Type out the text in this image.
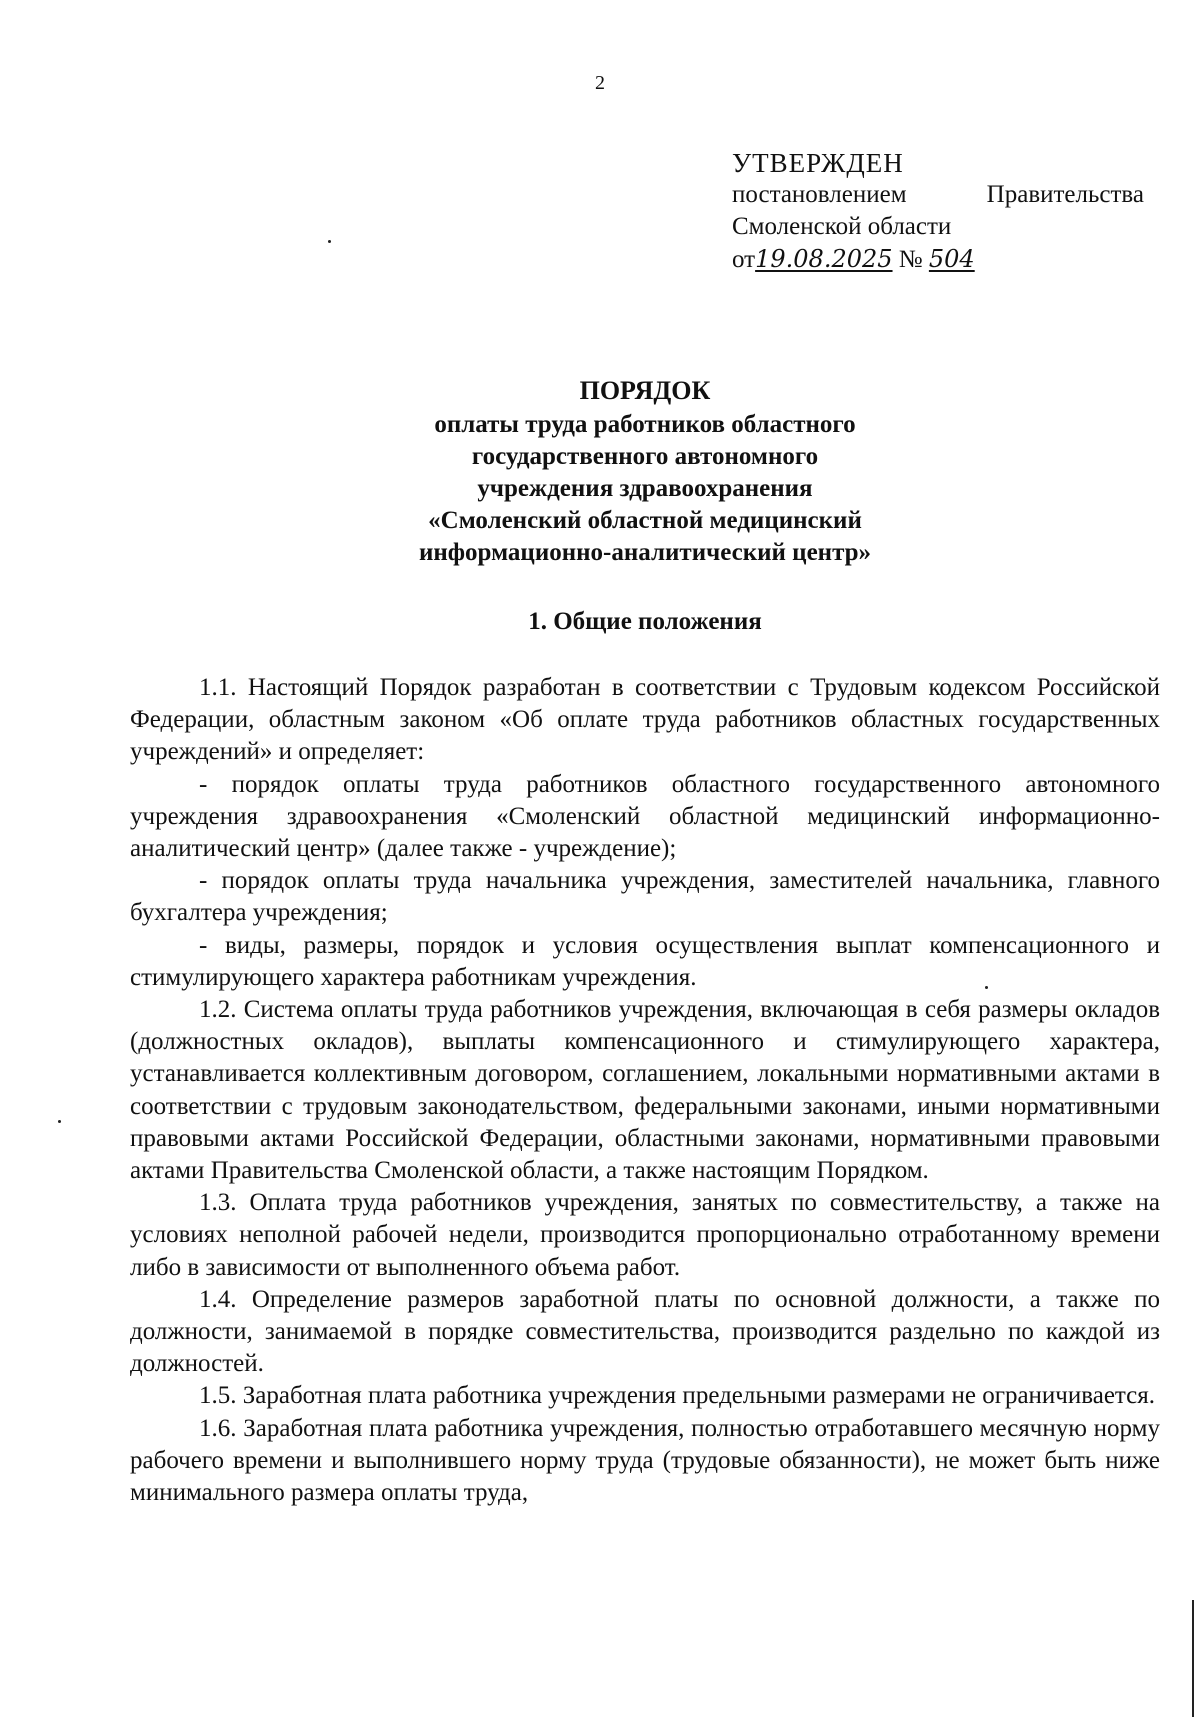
2
УТВЕРЖДЕН
постановлением	Правительства
Смоленской области
от19.08.2025 № 504
ПОРЯДОК
оплаты труда работников областного
государственного автономного
учреждения здравоохранения
«Смоленский областной медицинский
информационно-аналитический центр»
1. Общие положения

1.1. Настоящий Порядок разработан в соответствии с Трудовым кодексом Российской Федерации, областным законом «Об оплате труда работников областных государственных учреждений» и определяет:

- порядок оплаты труда работников областного государственного автономного учреждения здравоохранения «Смоленский областной медицинский информационно-аналитический центр» (далее также - учреждение);

- порядок оплаты труда начальника учреждения, заместителей начальника, главного бухгалтера учреждения;

- виды, размеры, порядок и условия осуществления выплат компенсационного и стимулирующего характера работникам учреждения.

1.2. Система оплаты труда работников учреждения, включающая в себя размеры окладов (должностных окладов), выплаты компенсационного и стимулирующего характера, устанавливается коллективным договором, соглашением, локальными нормативными актами в соответствии с трудовым законодательством, федеральными законами, иными нормативными правовыми актами Российской Федерации, областными законами, нормативными правовыми актами Правительства Смоленской области, а также настоящим Порядком.

1.3. Оплата труда работников учреждения, занятых по совместительству, а также на условиях неполной рабочей недели, производится пропорционально отработанному времени либо в зависимости от выполненного объема работ.

1.4. Определение размеров заработной платы по основной должности, а также по должности, занимаемой в порядке совместительства, производится раздельно по каждой из должностей.

1.5. Заработная плата работника учреждения предельными размерами не ограничивается.

1.6. Заработная плата работника учреждения, полностью отработавшего месячную норму рабочего времени и выполнившего норму труда (трудовые обязанности), не может быть ниже минимального размера оплаты труда,
